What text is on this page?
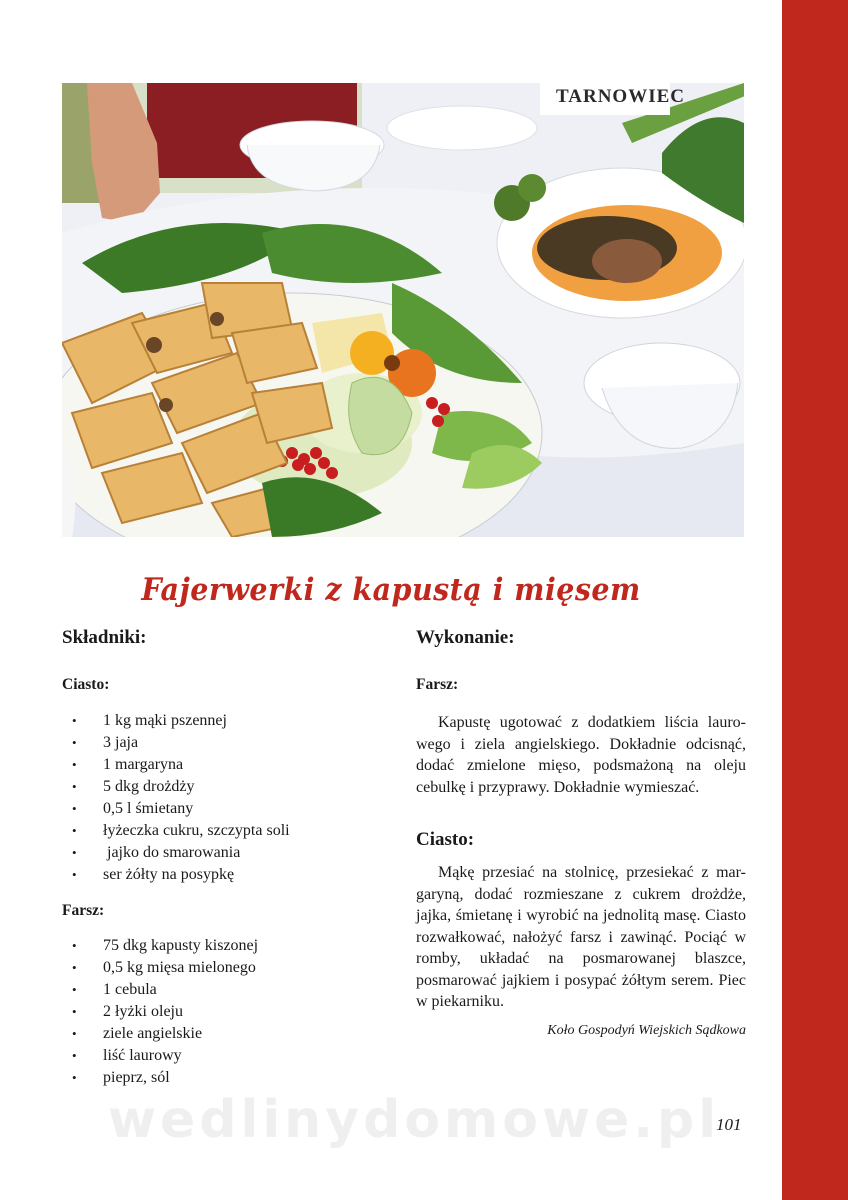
TARNOWIEC
Fajerwerki z kapustą i mięsem
Składniki:
Ciasto:
• 1 kg mąki pszennej
• 3 jaja
• 1 margaryna
• 5 dkg drożdży
• 0,5 l śmietany
• łyżeczka cukru, szczypta soli
• jajko do smarowania
• ser żółty na posypkę
Farsz:
• 75 dkg kapusty kiszonej
• 0,5 kg mięsa mielonego
• 1 cebula
• 2 łyżki oleju
• ziele angielskie
• liść laurowy
• pieprz, sól
Wykonanie:
Farsz:

Kapustę ugotować z dodatkiem liścia lauro-wego i ziela angielskiego. Dokładnie odcisnąć, dodać zmielone mięso, podsmażoną na oleju cebulkę i przyprawy. Dokładnie wymieszać.

Ciasto:

Mąkę przesiać na stolnicę, przesiekać z mar-garyną, dodać rozmieszane z cukrem drożdże, jajka, śmietanę i wyrobić na jednolitą masę. Ciasto rozwałkować, nałożyć farsz i zawinąć. Pociąć w romby, układać na posmarowanej blaszce, posmarować jajkiem i posypać żółtym serem. Piec w piekarniku.

Koło Gospodyń Wiejskich Sądkowa
wedlinydomowe.pl
101
